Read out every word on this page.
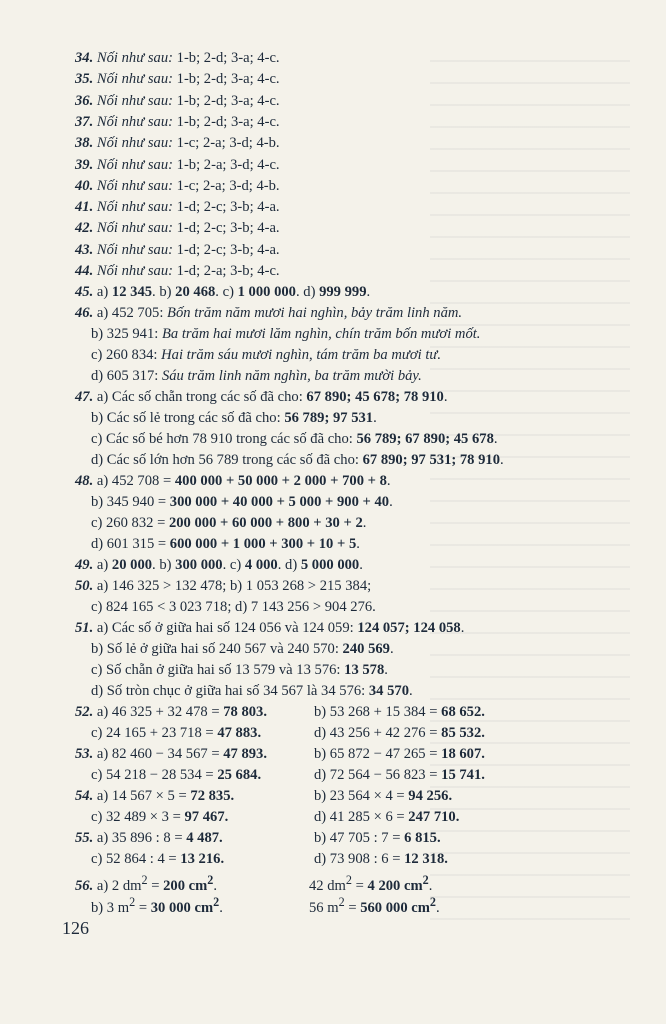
34. Nối như sau: 1-b; 2-d; 3-a; 4-c.
35. Nối như sau: 1-b; 2-d; 3-a; 4-c.
36. Nối như sau: 1-b; 2-d; 3-a; 4-c.
37. Nối như sau: 1-b; 2-d; 3-a; 4-c.
38. Nối như sau: 1-c; 2-a; 3-d; 4-b.
39. Nối như sau: 1-b; 2-a; 3-d; 4-c.
40. Nối như sau: 1-c; 2-a; 3-d; 4-b.
41. Nối như sau: 1-d; 2-c; 3-b; 4-a.
42. Nối như sau: 1-d; 2-c; 3-b; 4-a.
43. Nối như sau: 1-d; 2-c; 3-b; 4-a.
44. Nối như sau: 1-d; 2-a; 3-b; 4-c.
45. a) 12 345. b) 20 468. c) 1 000 000. d) 999 999.
46. a) 452 705: Bốn trăm năm mươi hai nghìn, bảy trăm linh năm.
b) 325 941: Ba trăm hai mươi lăm nghìn, chín trăm bốn mươi mốt.
c) 260 834: Hai trăm sáu mươi nghìn, tám trăm ba mươi tư.
d) 605 317: Sáu trăm linh năm nghìn, ba trăm mười bảy.
47. a) Các số chẵn trong các số đã cho: 67 890; 45 678; 78 910.
b) Các số lẻ trong các số đã cho: 56 789; 97 531.
c) Các số bé hơn 78 910 trong các số đã cho: 56 789; 67 890; 45 678.
d) Các số lớn hơn 56 789 trong các số đã cho: 67 890; 97 531; 78 910.
48. a) 452 708 = 400 000 + 50 000 + 2 000 + 700 + 8.
b) 345 940 = 300 000 + 40 000 + 5 000 + 900 + 40.
c) 260 832 = 200 000 + 60 000 + 800 + 30 + 2.
d) 601 315 = 600 000 + 1 000 + 300 + 10 + 5.
49. a) 20 000. b) 300 000. c) 4 000. d) 5 000 000.
50. a) 146 325 > 132 478; b) 1 053 268 > 215 384;
c) 824 165 < 3 023 718; d) 7 143 256 > 904 276.
51. a) Các số ở giữa hai số 124 056 và 124 059: 124 057; 124 058.
b) Số lẻ ở giữa hai số 240 567 và 240 570: 240 569.
c) Số chẵn ở giữa hai số 13 579 và 13 576: 13 578.
d) Số tròn chục ở giữa hai số 34 567 là 34 576: 34 570.
52. a) 46 325 + 32 478 = 78 803.	b) 53 268 + 15 384 = 68 652.
c) 24 165 + 23 718 = 47 883.	d) 43 256 + 42 276 = 85 532.
53. a) 82 460 − 34 567 = 47 893.	b) 65 872 − 47 265 = 18 607.
c) 54 218 − 28 534 = 25 684.	d) 72 564 − 56 823 = 15 741.
54. a) 14 567 × 5 = 72 835.	b) 23 564 × 4 = 94 256.
c) 32 489 × 3 = 97 467.	d) 41 285 × 6 = 247 710.
55. a) 35 896 : 8 = 4 487.	b) 47 705 : 7 = 6 815.
c) 52 864 : 4 = 13 216.	d) 73 908 : 6 = 12 318.
56. a) 2 $dm^2 = 200$ $cm^2$.	42 $dm^2 = 4$ 200 $cm^2$.
b) 3 $m^2 = 30$ 000 $cm^2$.	56 $m^2 = 560$ 000 $cm^2$.
126
